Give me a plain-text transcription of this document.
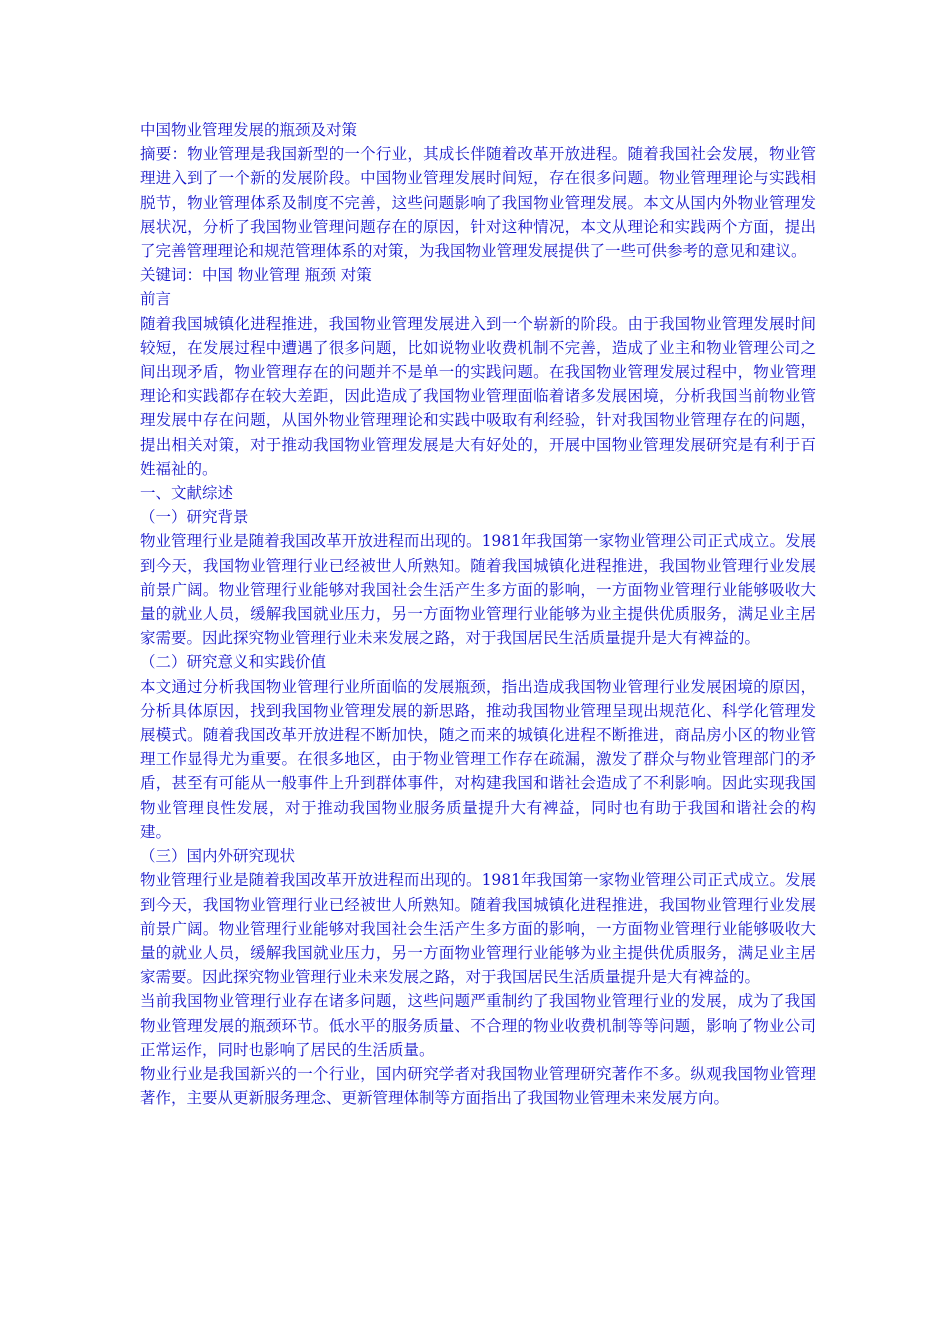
中国物业管理发展的瓶颈及对策

摘要：物业管理是我国新型的一个行业，其成长伴随着改革开放进程。随着我国社会发展，物业管理进入到了一个新的发展阶段。中国物业管理发展时间短，存在很多问题。物业管理理论与实践相脱节，物业管理体系及制度不完善，这些问题影响了我国物业管理发展。本文从国内外物业管理发展状况，分析了我国物业管理问题存在的原因，针对这种情况，本文从理论和实践两个方面，提出了完善管理理论和规范管理体系的对策，为我国物业管理发展提供了一些可供参考的意见和建议。

关键词：中国 物业管理 瓶颈 对策

前言

随着我国城镇化进程推进，我国物业管理发展进入到一个崭新的阶段。由于我国物业管理发展时间较短，在发展过程中遭遇了很多问题，比如说物业收费机制不完善，造成了业主和物业管理公司之间出现矛盾，物业管理存在的问题并不是单一的实践问题。在我国物业管理发展过程中，物业管理理论和实践都存在较大差距，因此造成了我国物业管理面临着诸多发展困境，分析我国当前物业管理发展中存在问题，从国外物业管理理论和实践中吸取有利经验，针对我国物业管理存在的问题，提出相关对策，对于推动我国物业管理发展是大有好处的，开展中国物业管理发展研究是有利于百姓福祉的。

一、文献综述

（一）研究背景

物业管理行业是随着我国改革开放进程而出现的。1981年我国第一家物业管理公司正式成立。发展到今天，我国物业管理行业已经被世人所熟知。随着我国城镇化进程推进，我国物业管理行业发展前景广阔。物业管理行业能够对我国社会生活产生多方面的影响，一方面物业管理行业能够吸收大量的就业人员，缓解我国就业压力，另一方面物业管理行业能够为业主提供优质服务，满足业主居家需要。因此探究物业管理行业未来发展之路，对于我国居民生活质量提升是大有裨益的。

（二）研究意义和实践价值

本文通过分析我国物业管理行业所面临的发展瓶颈，指出造成我国物业管理行业发展困境的原因，分析具体原因，找到我国物业管理发展的新思路，推动我国物业管理呈现出规范化、科学化管理发展模式。随着我国改革开放进程不断加快，随之而来的城镇化进程不断推进，商品房小区的物业管理工作显得尤为重要。在很多地区，由于物业管理工作存在疏漏，激发了群众与物业管理部门的矛盾，甚至有可能从一般事件上升到群体事件，对构建我国和谐社会造成了不利影响。因此实现我国物业管理良性发展，对于推动我国物业服务质量提升大有裨益，同时也有助于我国和谐社会的构建。

（三）国内外研究现状

物业管理行业是随着我国改革开放进程而出现的。1981年我国第一家物业管理公司正式成立。发展到今天，我国物业管理行业已经被世人所熟知。随着我国城镇化进程推进，我国物业管理行业发展前景广阔。物业管理行业能够对我国社会生活产生多方面的影响，一方面物业管理行业能够吸收大量的就业人员，缓解我国就业压力，另一方面物业管理行业能够为业主提供优质服务，满足业主居家需要。因此探究物业管理行业未来发展之路，对于我国居民生活质量提升是大有裨益的。

当前我国物业管理行业存在诸多问题，这些问题严重制约了我国物业管理行业的发展，成为了我国物业管理发展的瓶颈环节。低水平的服务质量、不合理的物业收费机制等等问题，影响了物业公司正常运作，同时也影响了居民的生活质量。

物业行业是我国新兴的一个行业，国内研究学者对我国物业管理研究著作不多。纵观我国物业管理著作，主要从更新服务理念、更新管理体制等方面指出了我国物业管理未来发展方向。
